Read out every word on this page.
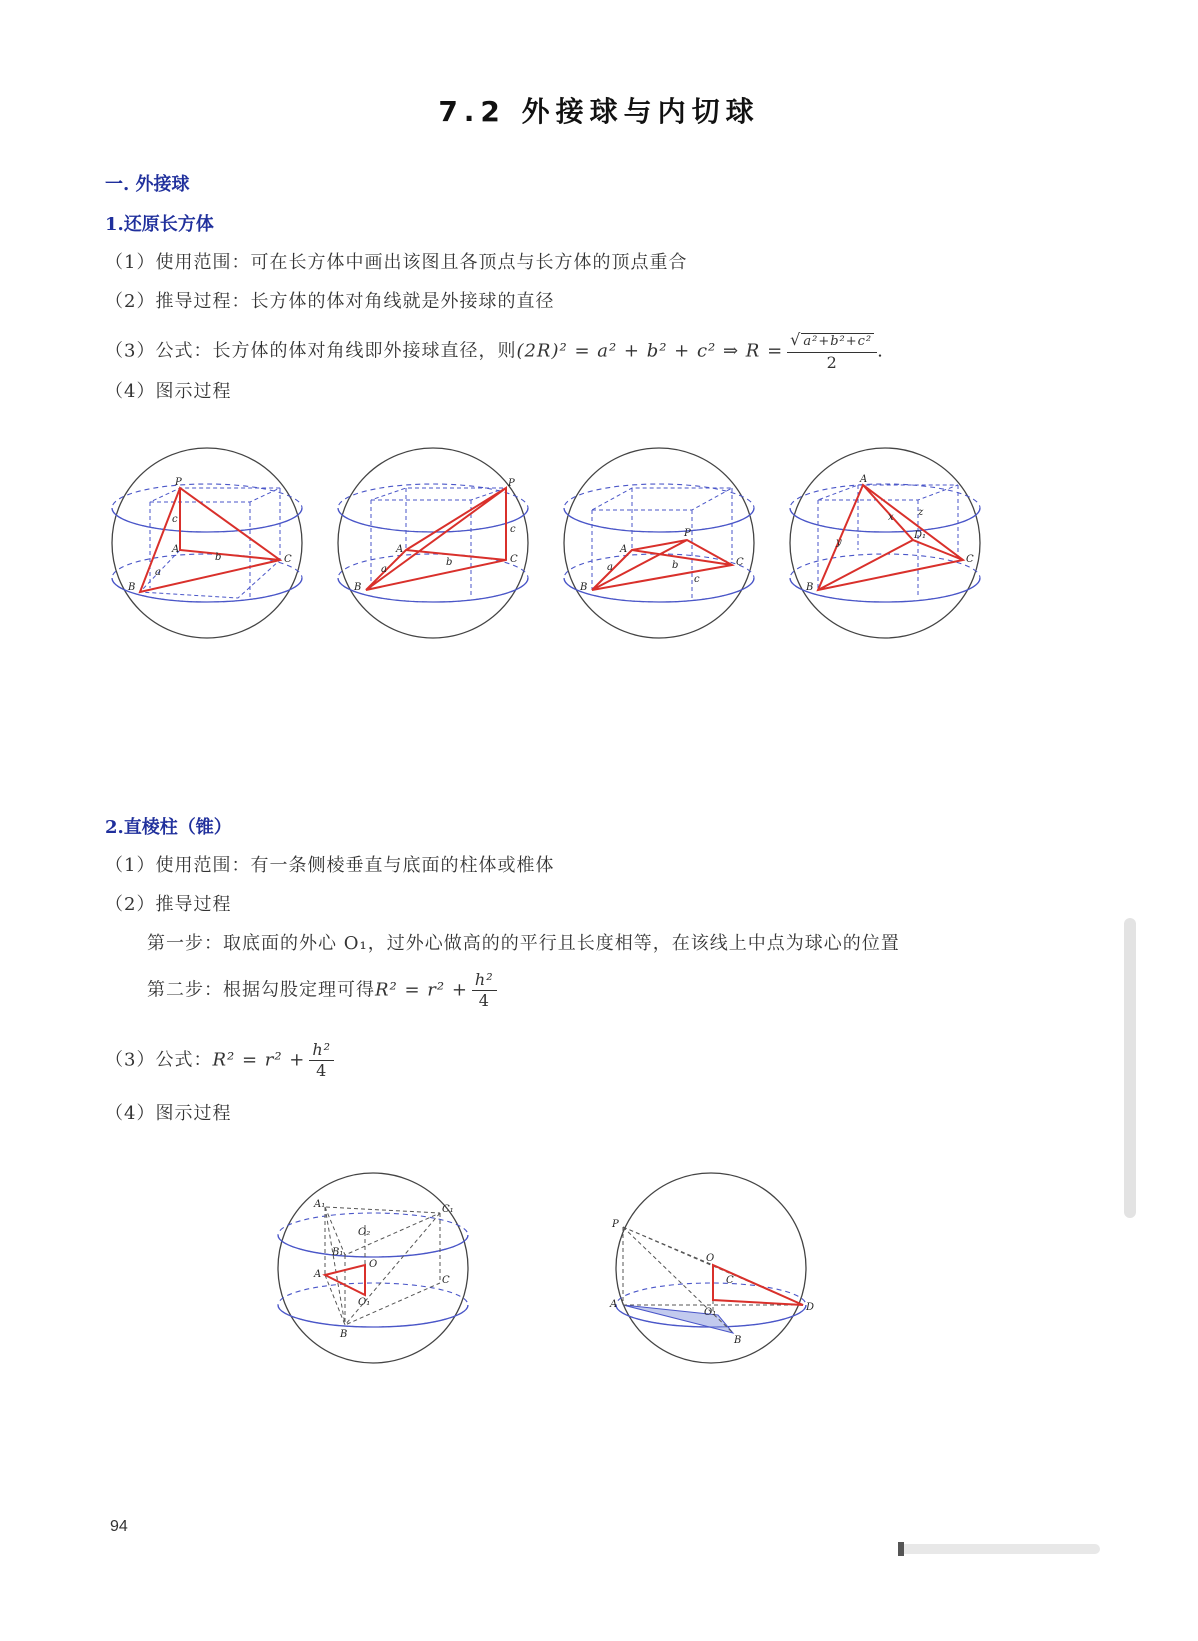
7.2 外接球与内切球
一. 外接球
1.还原长方体
（1）使用范围：可在长方体中画出该图且各顶点与长方体的顶点重合
（2）推导过程：长方体的体对角线就是外接球的直径
（3）公式：长方体的体对角线即外接球直径，则(2R)² = a² + b² + c² ⇒ $R = \frac{\text{√ a²+b²+c²}}{2}$ .
（4）图示过程
P
A
B
C
a
b
c
P
A
B
C
a
b
c	P
A
B
C
a	b
c
A
B
C
D₁
y
x z
2.直棱柱（锥）
（1）使用范围：有一条侧棱垂直与底面的柱体或椎体
（2）推导过程
第一步：取底面的外心 O₁，过外心做高的的平行且长度相等，在该线上中点为球心的位置
第二步：根据勾股定理可得$R^2 = r^2 + \frac{\text{h²}}{4}$
（3）公式：$R^2 = r^2 + \frac{\text{h²}}{4}$
（4）图示过程
A₁	C₁
B₁
O₂
O
A
C
O₁
B
P
O
C
A	D
O₁
B
94
